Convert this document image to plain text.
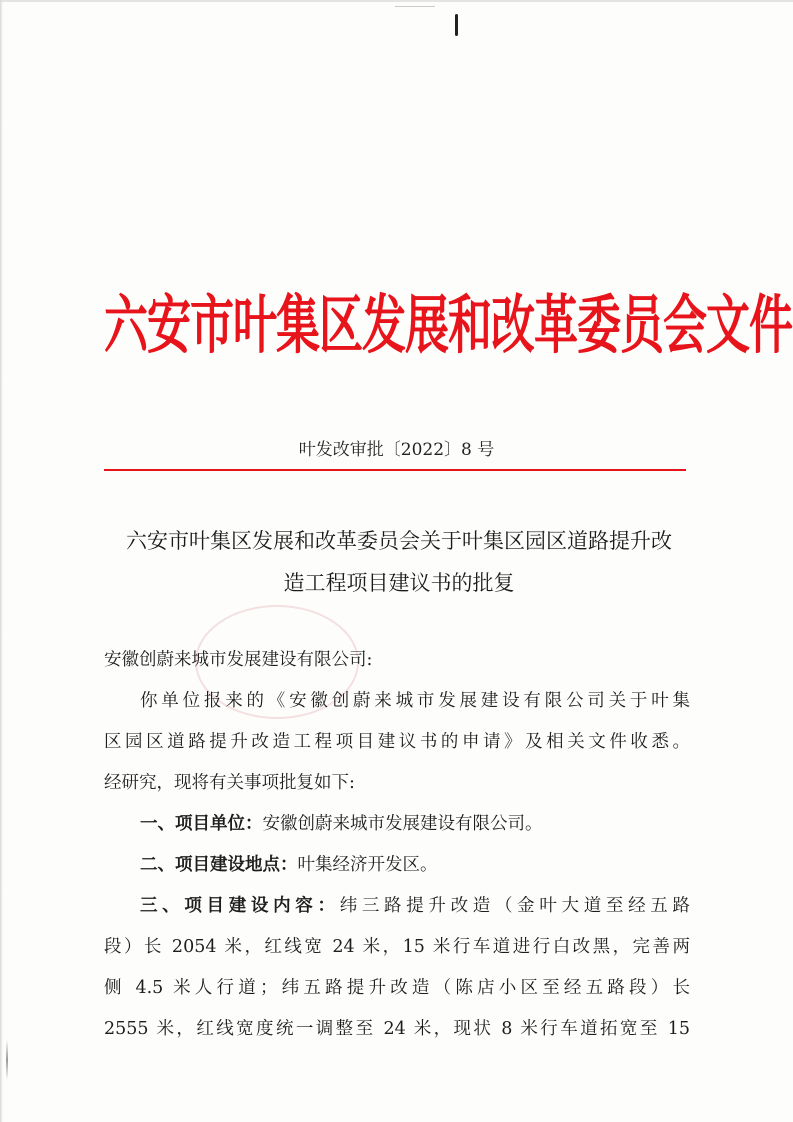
六安市叶集区发展和改革委员会文件
叶发改审批〔2022〕8 号
六安市叶集区发展和改革委员会关于叶集区园区道路提升改
造工程项目建议书的批复
安徽创蔚来城市发展建设有限公司:
你单位报来的《安徽创蔚来城市发展建设有限公司关于叶集
区园区道路提升改造工程项目建议书的申请》及相关文件收悉。
经研究，现将有关事项批复如下:
一、项目单位：安徽创蔚来城市发展建设有限公司。
二、项目建设地点：叶集经济开发区。
三、项目建设内容：纬三路提升改造（金叶大道至经五路
段）长 2054 米，红线宽 24 米，15 米行车道进行白改黑，完善两
侧 4.5 米人行道；纬五路提升改造（陈店小区至经五路段）长
2555 米，红线宽度统一调整至 24 米，现状 8 米行车道拓宽至 15
